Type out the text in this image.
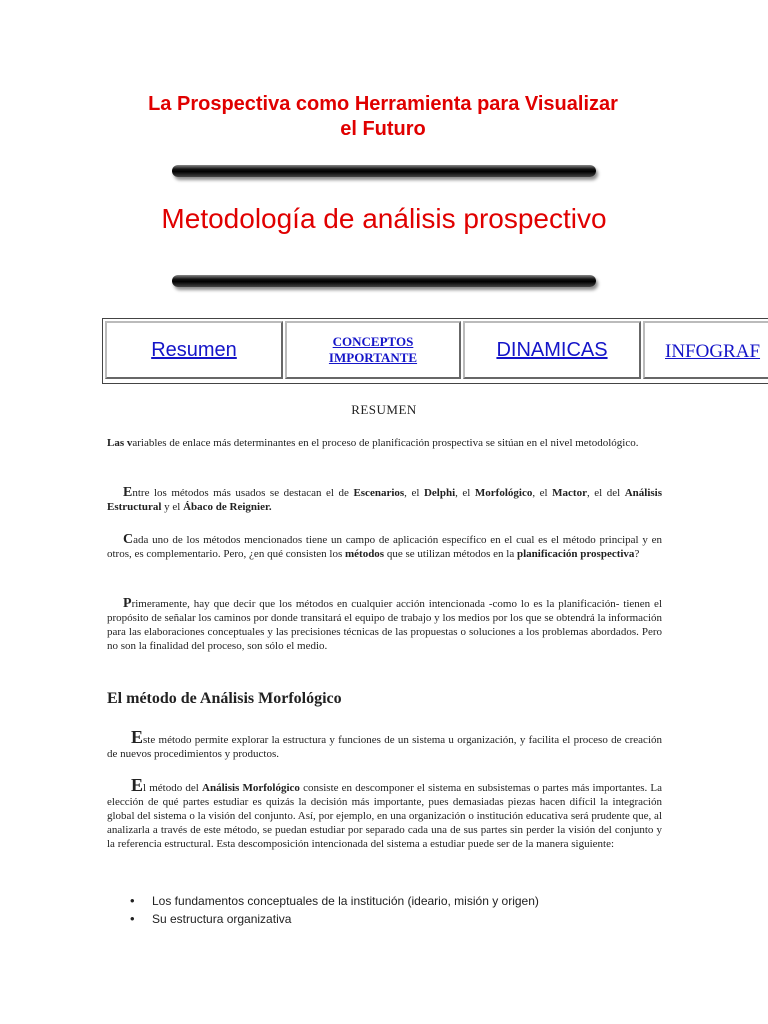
La Prospectiva como Herramienta para Visualizar
el Futuro
Metodología de análisis prospectivo
Resumen	CONCEPTOS
IMPORTANTE	DINAMICAS	INFOGRAF
RESUMEN

Las variables de enlace más determinantes en el proceso de planificación prospectiva se sitúan en el nivel metodológico.

Entre los métodos más usados se destacan el de Escenarios, el Delphi, el Morfológico, el Mactor, el del Análisis Estructural y el Ábaco de Reignier.

Cada uno de los métodos mencionados tiene un campo de aplicación específico en el cual es el método principal y en otros, es complementario. Pero, ¿en qué consisten los métodos que se utilizan métodos en la planificación prospectiva?

Primeramente, hay que decir que los métodos en cualquier acción intencionada -como lo es la planificación- tienen el propósito de señalar los caminos por donde transitará el equipo de trabajo y los medios por los que se obtendrá la información para las elaboraciones conceptuales y las precisiones técnicas de las propuestas o soluciones a los problemas abordados. Pero no son la finalidad del proceso, son sólo el medio.

El método de Análisis Morfológico

Este método permite explorar la estructura y funciones de un sistema u organización, y facilita el proceso de creación de nuevos procedimientos y productos.

El método del Análisis Morfológico consiste en descomponer el sistema en subsistemas o partes más importantes. La elección de qué partes estudiar es quizás la decisión más importante, pues demasiadas piezas hacen difícil la integración global del sistema o la visión del conjunto. Así, por ejemplo, en una organización o institución educativa será prudente que, al analizarla a través de este método, se puedan estudiar por separado cada una de sus partes sin perder la visión del conjunto y la referencia estructural. Esta descomposición intencionada del sistema a estudiar puede ser de la manera siguiente:

• Los fundamentos conceptuales de la institución (ideario, misión y origen)
• Su estructura organizativa
